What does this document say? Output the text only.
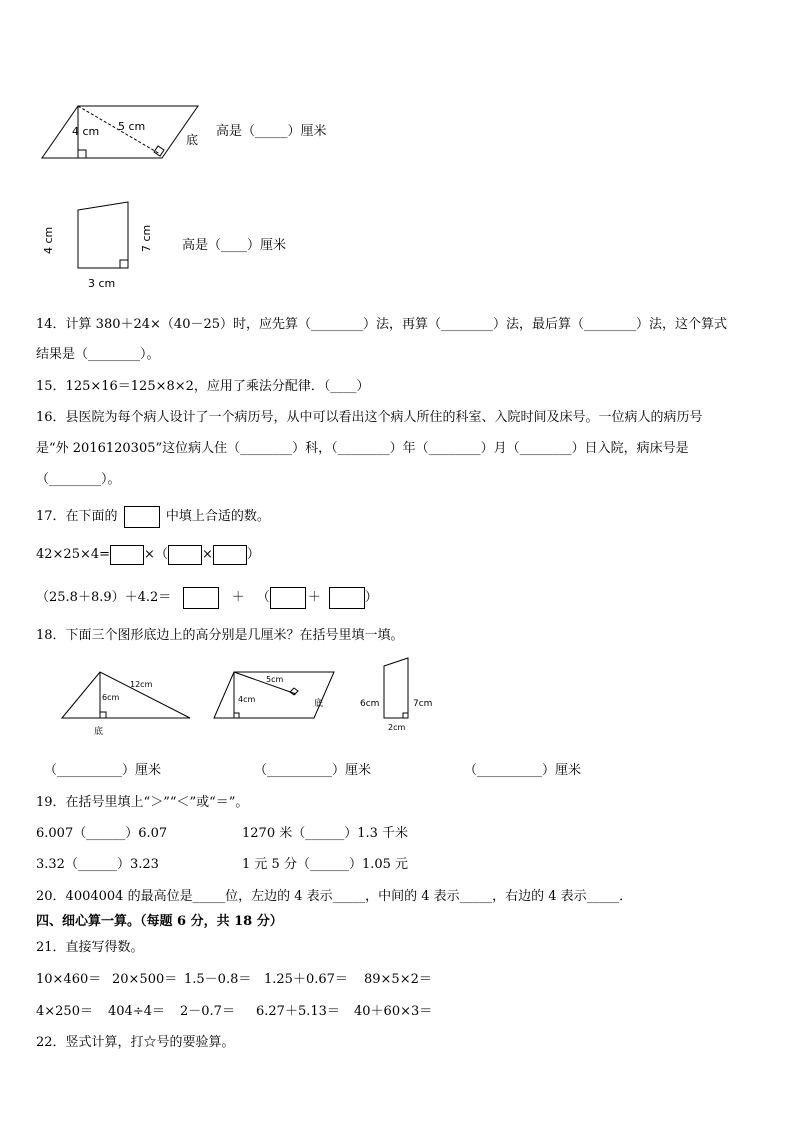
4 cm 5 cm
底
高是（_____）厘米
4 cm	7 cm
3 cm
高是（____）厘米
14．计算 380＋24×（40－25）时，应先算（________）法，再算（________）法，最后算（________）法，这个算式
结果是（________）。
15．125×16＝125×8×2，应用了乘法分配律．（____）
16．县医院为每个病人设计了一个病历号，从中可以看出这个病人所住的科室、入院时间及床号。一位病人的病历号
是“外 2016120305”这位病人住（________）科，（________）年（________）月（________）日入院，病床号是
（________）。
17．在下面的	中填上合适的数。
42×25×4=	×（	×	）
（25.8＋8.9）＋4.2＝	＋ （	＋	）
18．下面三个图形底边上的高分别是几厘米？在括号里填一填。
12cm
6cm
底
5cm
4cm	底	6cm	7cm
2cm
（__________）厘米	（__________）厘米	（__________）厘米
19．在括号里填上“＞”“＜”或“＝”。
6.007（______）6.07	1270 米（______）1.3 千米
3.32（______）3.23	1 元 5 分（______）1.05 元
20．4004004 的最高位是_____位，左边的 4 表示_____，中间的 4 表示_____，右边的 4 表示_____．
四、细心算一算。（每题 6 分，共 18 分）
21．直接写得数。
10×460＝ 20×500＝ 1.5－0.8＝ 1.25＋0.67＝ 89×5×2＝
4×250＝ 404÷4＝ 2－0.7＝ 6.27＋5.13＝ 40＋60×3＝
22．竖式计算，打☆号的要验算。
